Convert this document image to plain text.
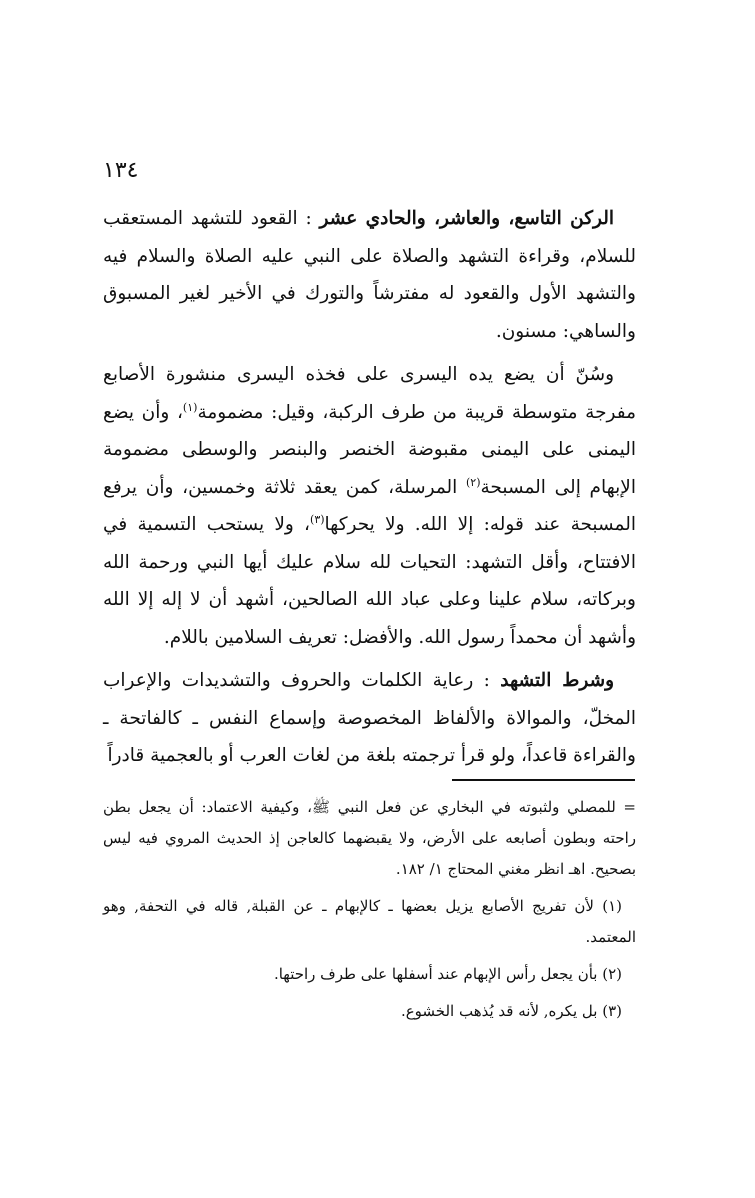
١٣٤

الركن التاسع، والعاشر، والحادي عشر : القعود للتشهد المستعقب للسلام، وقراءة التشهد والصلاة على النبي عليه الصلاة والسلام فيه والتشهد الأول والقعود له مفترشاً والتورك في الأخير لغير المسبوق والساهي: مسنون.

وسُنّ أن يضع يده اليسرى على فخذه اليسرى منشورة الأصابع مفرجة متوسطة قريبة من طرف الركبة، وقيل: مضمومة$^{(١)}$، وأن يضع اليمنى على اليمنى مقبوضة الخنصر والبنصر والوسطى مضمومة الإبهام إلى المسبحة$^{(٢)}$ المرسلة، كمن يعقد ثلاثة وخمسين، وأن يرفع المسبحة عند قوله: إلا الله. ولا يحركها$^{(٣)}$، ولا يستحب التسمية في الافتتاح، وأقل التشهد: التحيات لله سلام عليك أيها النبي ورحمة الله وبركاته، سلام علينا وعلى عباد الله الصالحين، أشهد أن لا إله إلا الله وأشهد أن محمداً رسول الله. والأفضل: تعريف السلامين باللام.

وشرط التشهد : رعاية الكلمات والحروف والتشديدات والإعراب المخلّ، والموالاة والألفاظ المخصوصة وإسماع النفس ـ كالفاتحة ـ والقراءة قاعداً، ولو قرأ ترجمته بلغة من لغات العرب أو بالعجمية قادراً

= للمصلي ولثبوته في البخاري عن فعل النبي ﷺ، وكيفية الاعتماد: أن يجعل بطن راحته وبطون أصابعه على الأرض، ولا يقبضهما كالعاجن إذ الحديث المروي فيه ليس بصحيح. اهـ انظر مغني المحتاج ١/ ١٨٢.

(١) لأن تفريج الأصابع يزيل بعضها ـ كالإبهام ـ عن القبلة, قاله في التحفة, وهو المعتمد.

(٢) بأن يجعل رأس الإبهام عند أسفلها على طرف راحتها.

(٣) بل يكره, لأنه قد يُذهب الخشوع.
